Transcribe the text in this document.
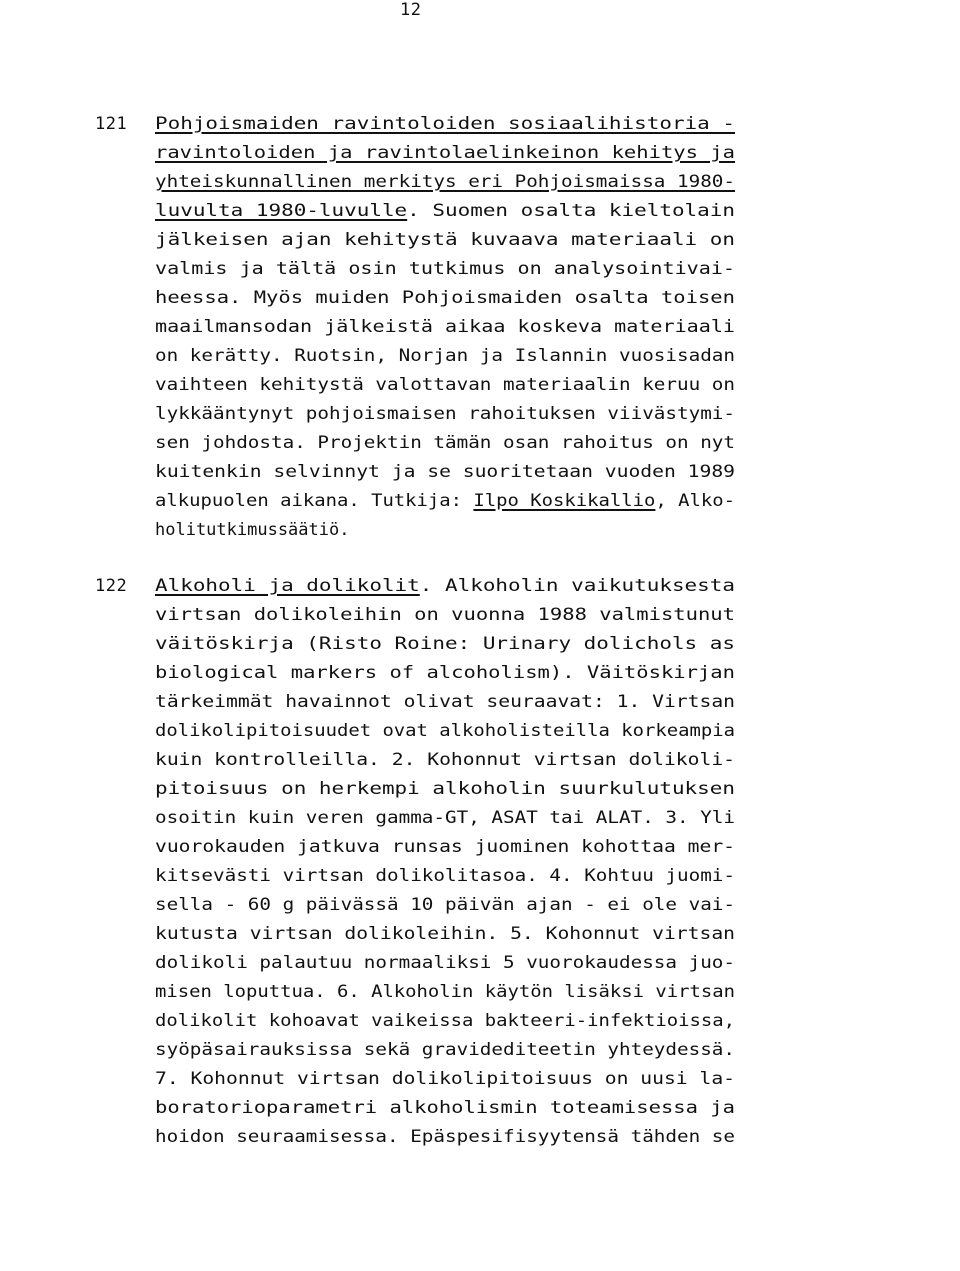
12
121 Pohjoismaiden ravintoloiden sosiaalihistoria -
ravintoloiden ja ravintolaelinkeinon kehitys ja
yhteiskunnallinen merkitys eri Pohjoismaissa 1980-
luvulta 1980-luvulle. Suomen osalta kieltolain
jälkeisen ajan kehitystä kuvaava materiaali on
valmis ja tältä osin tutkimus on analysointivai-
heessa. Myös muiden Pohjoismaiden osalta toisen
maailmansodan jälkeistä aikaa koskeva materiaali
on kerätty. Ruotsin, Norjan ja Islannin vuosisadan
vaihteen kehitystä valottavan materiaalin keruu on
lykkääntynyt pohjoismaisen rahoituksen viivästymi-
sen johdosta. Projektin tämän osan rahoitus on nyt
kuitenkin selvinnyt ja se suoritetaan vuoden 1989
alkupuolen aikana. Tutkija: Ilpo Koskikallio, Alko-
holitutkimussäätiö.
122 Alkoholi ja dolikolit. Alkoholin vaikutuksesta
virtsan dolikoleihin on vuonna 1988 valmistunut
väitöskirja (Risto Roine: Urinary dolichols as
biological markers of alcoholism). Väitöskirjan
tärkeimmät havainnot olivat seuraavat: 1. Virtsan
dolikolipitoisuudet ovat alkoholisteilla korkeampia
kuin kontrolleilla. 2. Kohonnut virtsan dolikoli-
pitoisuus on herkempi alkoholin suurkulutuksen
osoitin kuin veren gamma-GT, ASAT tai ALAT. 3. Yli
vuorokauden jatkuva runsas juominen kohottaa mer-
kitsevästi virtsan dolikolitasoa. 4. Kohtuu juomi-
sella - 60 g päivässä 10 päivän ajan - ei ole vai-
kutusta virtsan dolikoleihin. 5. Kohonnut virtsan
dolikoli palautuu normaaliksi 5 vuorokaudessa juo-
misen loputtua. 6. Alkoholin käytön lisäksi virtsan
dolikolit kohoavat vaikeissa bakteeri-infektioissa,
syöpäsairauksissa sekä gravidediteetin yhteydessä.
7. Kohonnut virtsan dolikolipitoisuus on uusi la-
boratorioparametri alkoholismin toteamisessa ja
hoidon seuraamisessa. Epäspesifisyytensä tähden se
